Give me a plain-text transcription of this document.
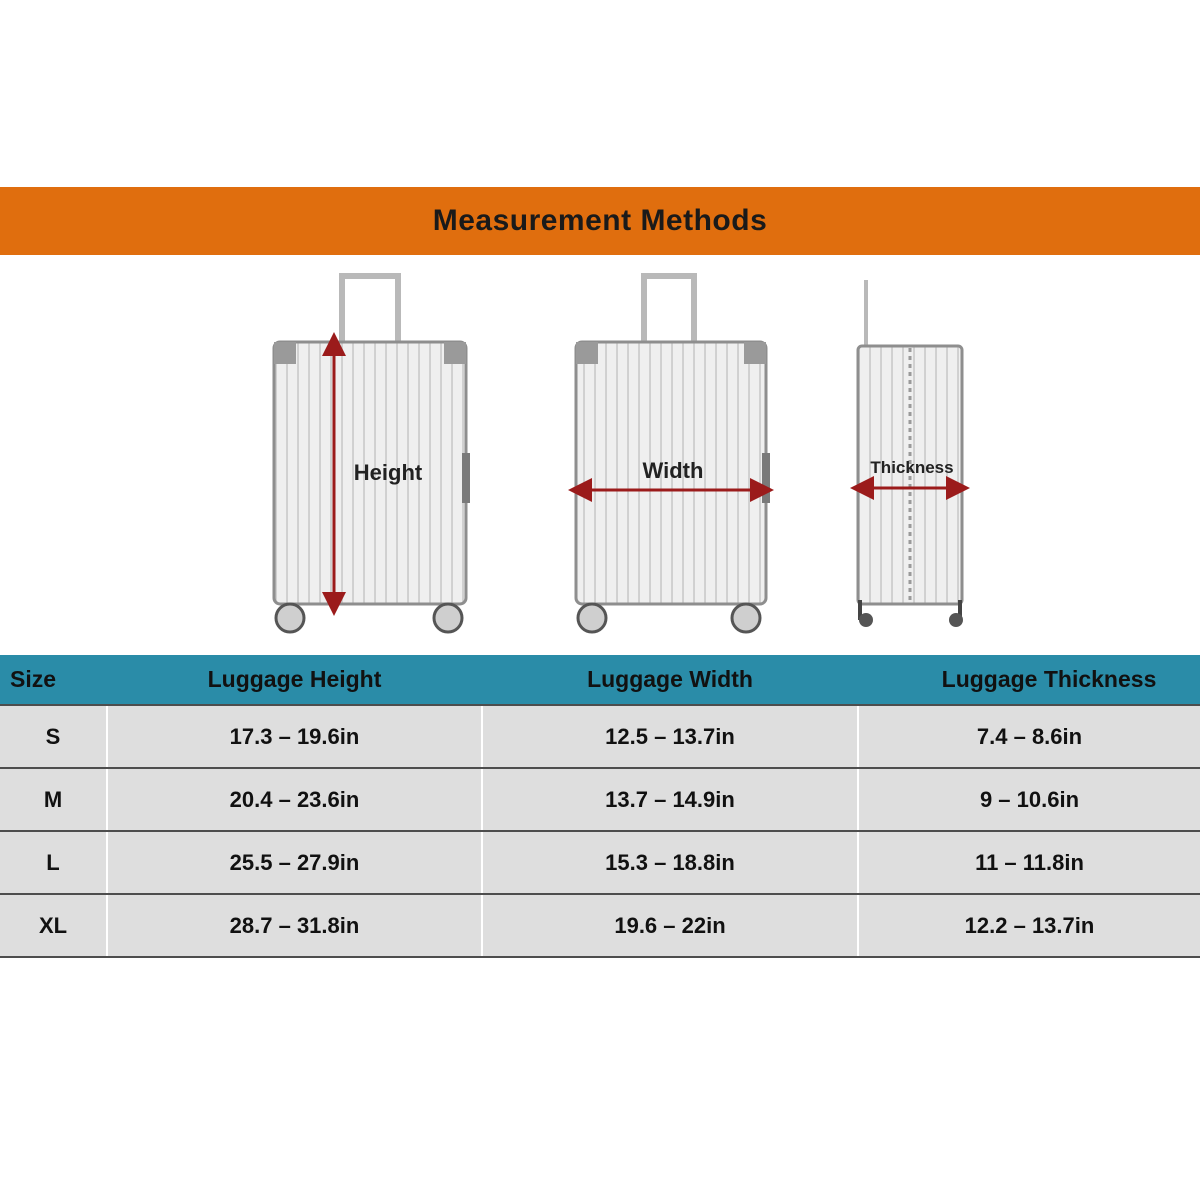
Measurement Methods
Height	Width	Thickness
Size	Luggage Height	Luggage Width	Luggage Thickness
S	17.3 – 19.6in	12.5 – 13.7in	7.4 – 8.6in
M	20.4 – 23.6in	13.7 – 14.9in	9 – 10.6in
L	25.5 – 27.9in	15.3 – 18.8in	11 – 11.8in
XL	28.7 – 31.8in	19.6 – 22in	12.2 – 13.7in
